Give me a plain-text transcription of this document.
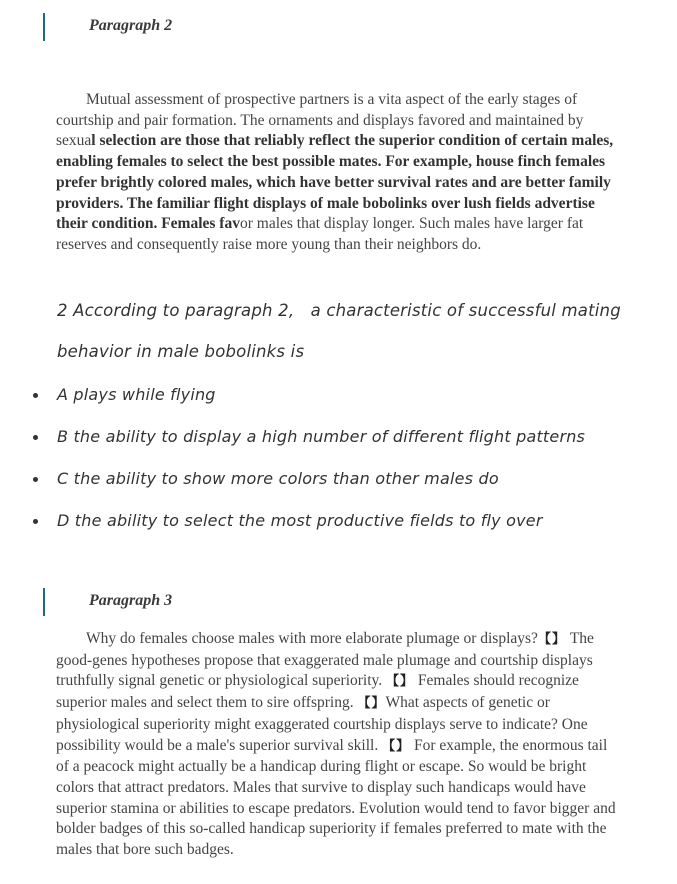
Paragraph 2

Mutual assessment of prospective partners is a vita aspect of the early stages of courtship and pair formation. The ornaments and displays favored and maintained by sexual selection are those that reliably reflect the superior condition of certain males, enabling females to select the best possible mates. For example, house finch females prefer brightly colored males, which have better survival rates and are better family providers. The familiar flight displays of male bobolinks over lush fields advertise their condition. Females favor males that display longer. Such males have larger fat reserves and consequently raise more young than their neighbors do.

2 According to paragraph 2,   a characteristic of successful mating
behavior in male bobolinks is
A plays while flying
B the ability to display a high number of different flight patterns
C the ability to show more colors than other males do
D the ability to select the most productive fields to fly over
Paragraph 3

Why do females choose males with more elaborate plumage or displays?【】 The good-genes hypotheses propose that exaggerated male plumage and courtship displays truthfully signal genetic or physiological superiority. 【】 Females should recognize superior males and select them to sire offspring. 【】What aspects of genetic or physiological superiority might exaggerated courtship displays serve to indicate? One possibility would be a male's superior survival skill. 【】 For example, the enormous tail of a peacock might actually be a handicap during flight or escape. So would be bright colors that attract predators. Males that survive to display such handicaps would have superior stamina or abilities to escape predators. Evolution would tend to favor bigger and bolder badges of this so-called handicap superiority if females preferred to mate with the males that bore such badges.
